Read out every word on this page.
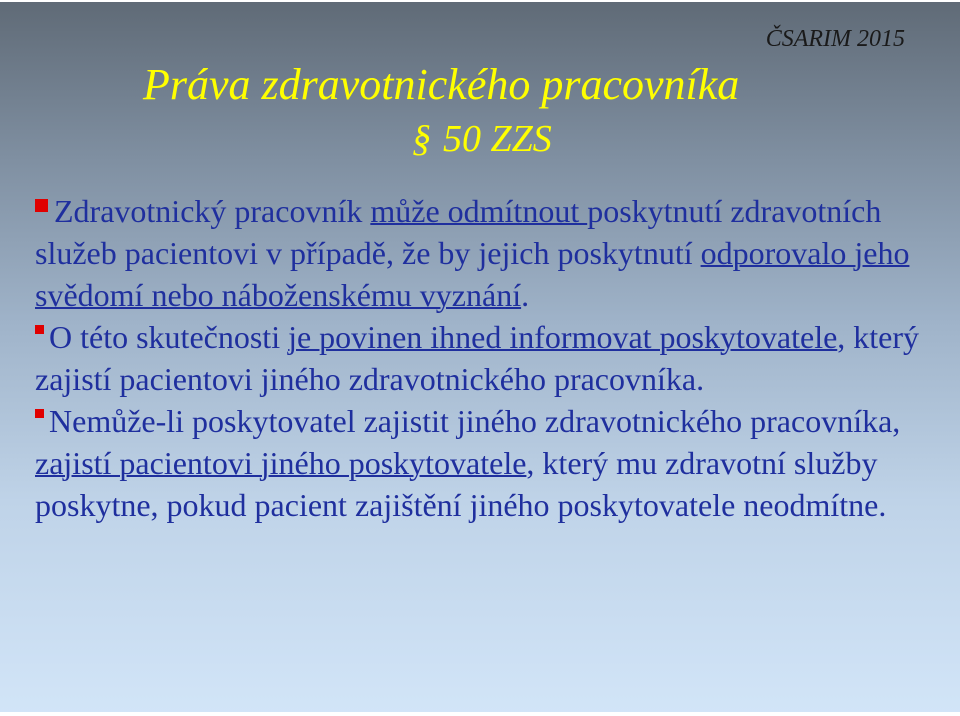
ČSARIM 2015
Práva zdravotnického pracovníka
§ 50 ZZS

Zdravotnický pracovník může odmítnout poskytnutí zdravotních služeb pacientovi v případě, že by jejich poskytnutí odporovalo jeho svědomí nebo náboženskému vyznání.

O této skutečnosti je povinen ihned informovat poskytovatele, který zajistí pacientovi jiného zdravotnického pracovníka.

Nemůže-li poskytovatel zajistit jiného zdravotnického pracovníka, zajistí pacientovi jiného poskytovatele, který mu zdravotní služby poskytne, pokud pacient zajištění jiného poskytovatele neodmítne.
